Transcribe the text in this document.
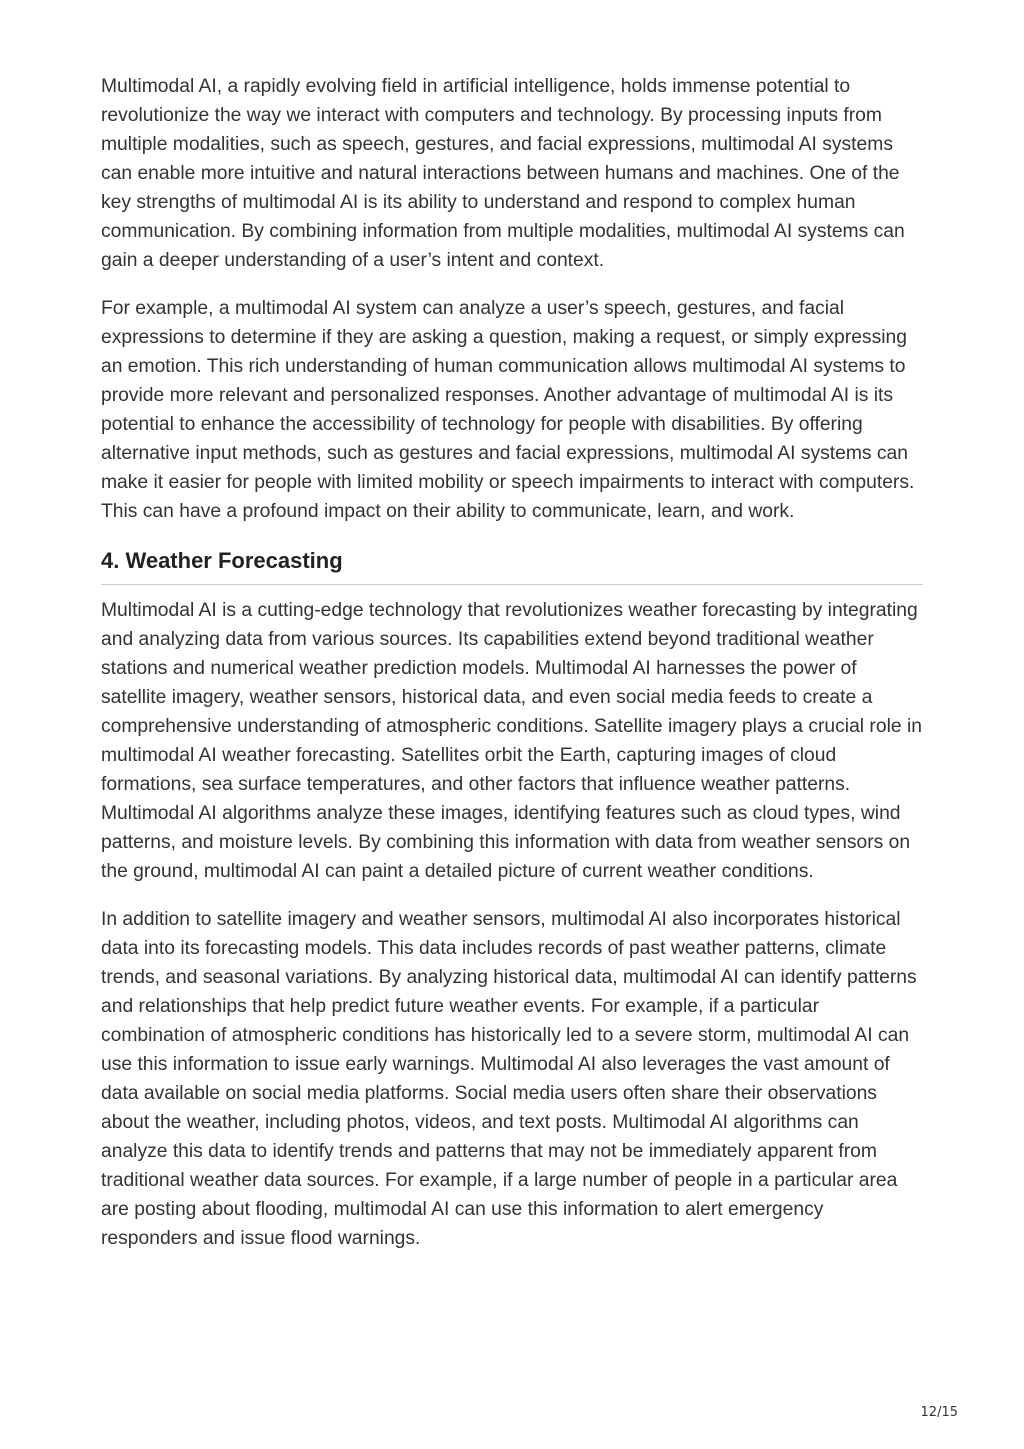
Multimodal AI, a rapidly evolving field in artificial intelligence, holds immense potential to revolutionize the way we interact with computers and technology. By processing inputs from multiple modalities, such as speech, gestures, and facial expressions, multimodal AI systems can enable more intuitive and natural interactions between humans and machines. One of the key strengths of multimodal AI is its ability to understand and respond to complex human communication. By combining information from multiple modalities, multimodal AI systems can gain a deeper understanding of a user’s intent and context.

For example, a multimodal AI system can analyze a user’s speech, gestures, and facial expressions to determine if they are asking a question, making a request, or simply expressing an emotion. This rich understanding of human communication allows multimodal AI systems to provide more relevant and personalized responses. Another advantage of multimodal AI is its potential to enhance the accessibility of technology for people with disabilities. By offering alternative input methods, such as gestures and facial expressions, multimodal AI systems can make it easier for people with limited mobility or speech impairments to interact with computers. This can have a profound impact on their ability to communicate, learn, and work.

4. Weather Forecasting

Multimodal AI is a cutting-edge technology that revolutionizes weather forecasting by integrating and analyzing data from various sources. Its capabilities extend beyond traditional weather stations and numerical weather prediction models. Multimodal AI harnesses the power of satellite imagery, weather sensors, historical data, and even social media feeds to create a comprehensive understanding of atmospheric conditions. Satellite imagery plays a crucial role in multimodal AI weather forecasting. Satellites orbit the Earth, capturing images of cloud formations, sea surface temperatures, and other factors that influence weather patterns. Multimodal AI algorithms analyze these images, identifying features such as cloud types, wind patterns, and moisture levels. By combining this information with data from weather sensors on the ground, multimodal AI can paint a detailed picture of current weather conditions.

In addition to satellite imagery and weather sensors, multimodal AI also incorporates historical data into its forecasting models. This data includes records of past weather patterns, climate trends, and seasonal variations. By analyzing historical data, multimodal AI can identify patterns and relationships that help predict future weather events. For example, if a particular combination of atmospheric conditions has historically led to a severe storm, multimodal AI can use this information to issue early warnings. Multimodal AI also leverages the vast amount of data available on social media platforms. Social media users often share their observations about the weather, including photos, videos, and text posts. Multimodal AI algorithms can analyze this data to identify trends and patterns that may not be immediately apparent from traditional weather data sources. For example, if a large number of people in a particular area are posting about flooding, multimodal AI can use this information to alert emergency responders and issue flood warnings.

12/15
